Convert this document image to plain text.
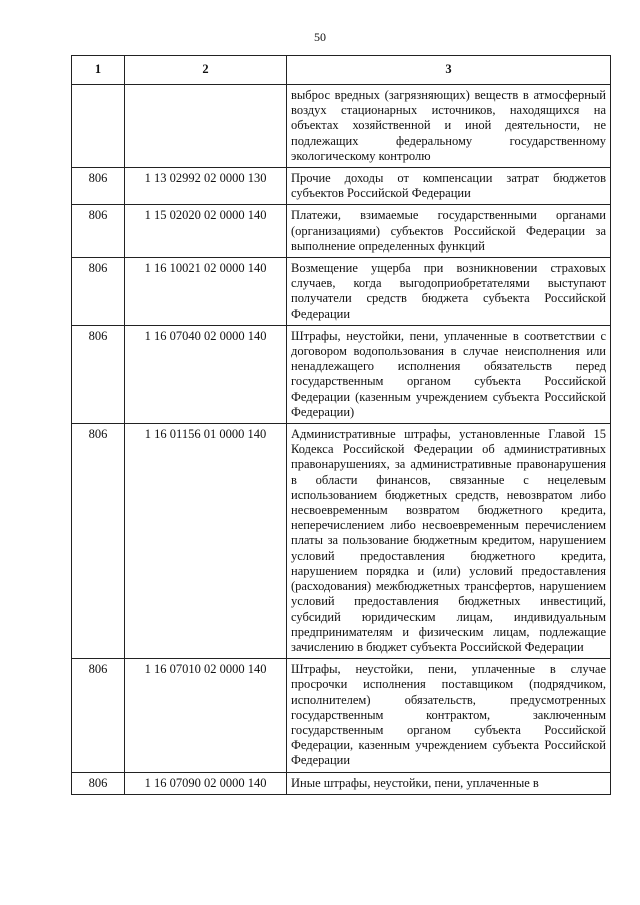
50
1	2	3
		выброс вредных (загрязняющих) веществ в атмосферный воздух стационарных источников, находящихся на объектах хозяйственной и иной деятельности, не подлежащих федеральному государственному экологическому контролю
806	1 13 02992 02 0000 130	Прочие доходы от компенсации затрат бюджетов субъектов Российской Федерации
806	1 15 02020 02 0000 140	Платежи, взимаемые государственными органами (организациями) субъектов Российской Федерации за выполнение определенных функций
806	1 16 10021 02 0000 140	Возмещение ущерба при возникновении страховых случаев, когда выгодоприобретателями выступают получатели средств бюджета субъекта Российской Федерации
806	1 16 07040 02 0000 140	Штрафы, неустойки, пени, уплаченные в соответствии с договором водопользования в случае неисполнения или ненадлежащего исполнения обязательств перед государственным органом субъекта Российской Федерации (казенным учреждением субъекта Российской Федерации)
806	1 16 01156 01 0000 140	Административные штрафы, установленные Главой 15 Кодекса Российской Федерации об административных правонарушениях, за административные правонарушения в области финансов, связанные с нецелевым использованием бюджетных средств, невозвратом либо несвоевременным возвратом бюджетного кредита, неперечислением либо несвоевременным перечислением платы за пользование бюджетным кредитом, нарушением условий предоставления бюджетного кредита, нарушением порядка и (или) условий предоставления (расходования) межбюджетных трансфертов, нарушением условий предоставления бюджетных инвестиций, субсидий юридическим лицам, индивидуальным предпринимателям и физическим лицам, подлежащие зачислению в бюджет субъекта Российской Федерации
806	1 16 07010 02 0000 140	Штрафы, неустойки, пени, уплаченные в случае просрочки исполнения поставщиком (подрядчиком, исполнителем) обязательств, предусмотренных государственным контрактом, заключенным государственным органом субъекта Российской Федерации, казенным учреждением субъекта Российской Федерации
806	1 16 07090 02 0000 140	Иные штрафы, неустойки, пени, уплаченные в
